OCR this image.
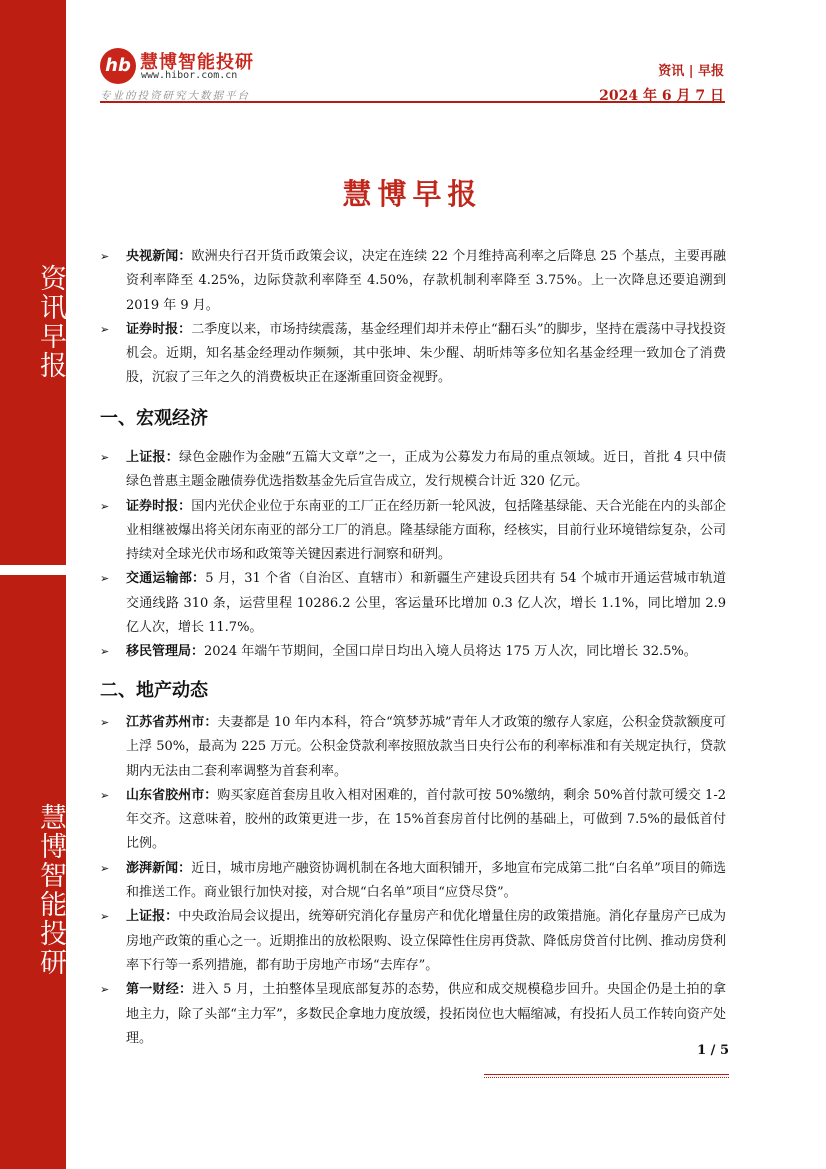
资讯早报
慧博智能投研
hb 慧博智能投研
www.hibor.com.cn
专业的投资研究大数据平台
资讯 | 早报
2024 年 6 月 7 日
慧博早报
➢ 央视新闻：欧洲央行召开货币政策会议，决定在连续 22 个月维持高利率之后降息 25 个基点，主要再融资利率降至 4.25%，边际贷款利率降至 4.50%，存款机制利率降至 3.75%。上一次降息还要追溯到 2019 年 9 月。
➢ 证券时报：二季度以来，市场持续震荡，基金经理们却并未停止“翻石头”的脚步，坚持在震荡中寻找投资机会。近期，知名基金经理动作频频，其中张坤、朱少醒、胡昕炜等多位知名基金经理一致加仓了消费股，沉寂了三年之久的消费板块正在逐渐重回资金视野。
一、宏观经济
➢ 上证报：绿色金融作为金融“五篇大文章”之一，正成为公募发力布局的重点领域。近日，首批 4 只中债绿色普惠主题金融债券优选指数基金先后宣告成立，发行规模合计近 320 亿元。
➢ 证券时报：国内光伏企业位于东南亚的工厂正在经历新一轮风波，包括隆基绿能、天合光能在内的头部企业相继被爆出将关闭东南亚的部分工厂的消息。隆基绿能方面称，经核实，目前行业环境错综复杂，公司持续对全球光伏市场和政策等关键因素进行洞察和研判。
➢ 交通运输部：5 月，31 个省（自治区、直辖市）和新疆生产建设兵团共有 54 个城市开通运营城市轨道交通线路 310 条，运营里程 10286.2 公里，客运量环比增加 0.3 亿人次，增长 1.1%，同比增加 2.9 亿人次，增长 11.7%。
➢ 移民管理局：2024 年端午节期间，全国口岸日均出入境人员将达 175 万人次，同比增长 32.5%。
二、地产动态
➢ 江苏省苏州市：夫妻都是 10 年内本科，符合“筑梦苏城”青年人才政策的缴存人家庭，公积金贷款额度可上浮 50%，最高为 225 万元。公积金贷款利率按照放款当日央行公布的利率标准和有关规定执行，贷款期内无法由二套利率调整为首套利率。
➢ 山东省胶州市：购买家庭首套房且收入相对困难的，首付款可按 50%缴纳，剩余 50%首付款可缓交 1-2 年交齐。这意味着，胶州的政策更进一步，在 15%首套房首付比例的基础上，可做到 7.5%的最低首付比例。
➢ 澎湃新闻：近日，城市房地产融资协调机制在各地大面积铺开，多地宣布完成第二批“白名单”项目的筛选和推送工作。商业银行加快对接，对合规“白名单”项目“应贷尽贷”。
➢ 上证报：中央政治局会议提出，统筹研究消化存量房产和优化增量住房的政策措施。消化存量房产已成为房地产政策的重心之一。近期推出的放松限购、设立保障性住房再贷款、降低房贷首付比例、推动房贷利率下行等一系列措施，都有助于房地产市场“去库存”。
➢ 第一财经：进入 5 月，土拍整体呈现底部复苏的态势，供应和成交规模稳步回升。央国企仍是土拍的拿地主力，除了头部“主力军”，多数民企拿地力度放缓，投拓岗位也大幅缩减，有投拓人员工作转向资产处理。
1 / 5
